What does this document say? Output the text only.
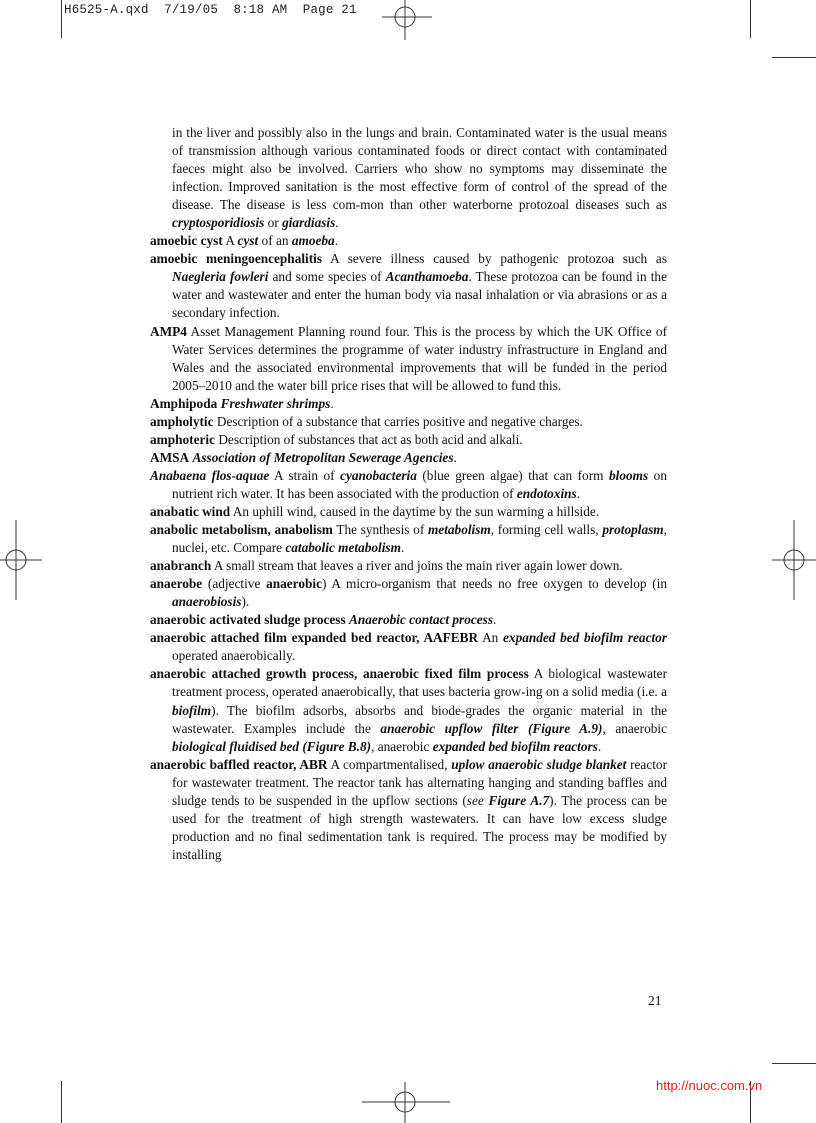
H6525-A.qxd 7/19/05 8:18 AM Page 21

in the liver and possibly also in the lungs and brain. Contaminated water is the usual means of transmission although various contaminated foods or direct contact with contaminated faeces might also be involved. Carriers who show no symptoms may disseminate the infection. Improved sanitation is the most effective form of control of the spread of the disease. The disease is less com-mon than other waterborne protozoal diseases such as cryptosporidiosis or giardiasis.

amoebic cyst A cyst of an amoeba.

amoebic meningoencephalitis A severe illness caused by pathogenic protozoa such as Naegleria fowleri and some species of Acanthamoeba. These protozoa can be found in the water and wastewater and enter the human body via nasal inhalation or via abrasions or as a secondary infection.

AMP4 Asset Management Planning round four. This is the process by which the UK Office of Water Services determines the programme of water industry infrastructure in England and Wales and the associated environmental improvements that will be funded in the period 2005–2010 and the water bill price rises that will be allowed to fund this.

Amphipoda Freshwater shrimps.

ampholytic Description of a substance that carries positive and negative charges.

amphoteric Description of substances that act as both acid and alkali.

AMSA Association of Metropolitan Sewerage Agencies.

Anabaena flos-aquae A strain of cyanobacteria (blue green algae) that can form blooms on nutrient rich water. It has been associated with the production of endotoxins.

anabatic wind An uphill wind, caused in the daytime by the sun warming a hillside.

anabolic metabolism, anabolism The synthesis of metabolism, forming cell walls, protoplasm, nuclei, etc. Compare catabolic metabolism.

anabranch A small stream that leaves a river and joins the main river again lower down.

anaerobe (adjective anaerobic) A micro-organism that needs no free oxygen to develop (in anaerobiosis).

anaerobic activated sludge process Anaerobic contact process.

anaerobic attached film expanded bed reactor, AAFEBR An expanded bed biofilm reactor operated anaerobically.

anaerobic attached growth process, anaerobic fixed film process A biological wastewater treatment process, operated anaerobically, that uses bacteria grow-ing on a solid media (i.e. a biofilm). The biofilm adsorbs, absorbs and biode-grades the organic material in the wastewater. Examples include the anaerobic upflow filter (Figure A.9), anaerobic biological fluidised bed (Figure B.8), anaerobic expanded bed biofilm reactors.

anaerobic baffled reactor, ABR A compartmentalised, uplow anaerobic sludge blanket reactor for wastewater treatment. The reactor tank has alternating hanging and standing baffles and sludge tends to be suspended in the upflow sections (see Figure A.7). The process can be used for the treatment of high strength wastewaters. It can have low excess sludge production and no final sedimentation tank is required. The process may be modified by installing

21
http://nuoc.com.vn
